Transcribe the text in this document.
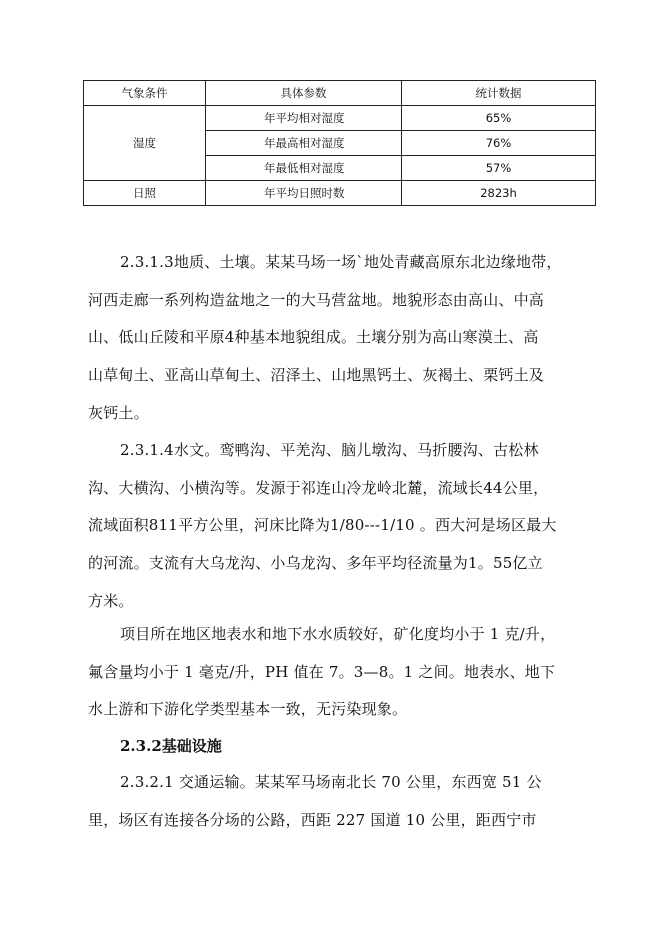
气象条件	具体参数	统计数据
湿度	年平均相对湿度	65%
	年最高相对湿度	76%
	年最低相对湿度	57%
日照	年平均日照时数	2823h
2.3.1.3地质、土壤。某某马场一场`地处青藏高原东北边缘地带，
河西走廊一系列构造盆地之一的大马营盆地。地貌形态由高山、中高
山、低山丘陵和平原4种基本地貌组成。土壤分别为高山寒漠土、高
山草甸土、亚高山草甸土、沼泽土、山地黑钙土、灰褐土、栗钙土及
灰钙土。
2.3.1.4水文。鸾鸭沟、平羌沟、脑儿墩沟、马折腰沟、古松林
沟、大横沟、小横沟等。发源于祁连山冷龙岭北麓，流域长44公里，
流域面积811平方公里，河床比降为1/80---1/10 。西大河是场区最大
的河流。支流有大乌龙沟、小乌龙沟、多年平均径流量为1。55亿立
方米。
项目所在地区地表水和地下水水质较好，矿化度均小于 1 克/升，
氟含量均小于 1 毫克/升，PH 值在 7。3—8。1 之间。地表水、地下
水上游和下游化学类型基本一致，无污染现象。
2.3.2基础设施
2.3.2.1 交通运输。某某军马场南北长 70 公里，东西宽 51 公
里，场区有连接各分场的公路，西距 227 国道 10 公里，距西宁市
